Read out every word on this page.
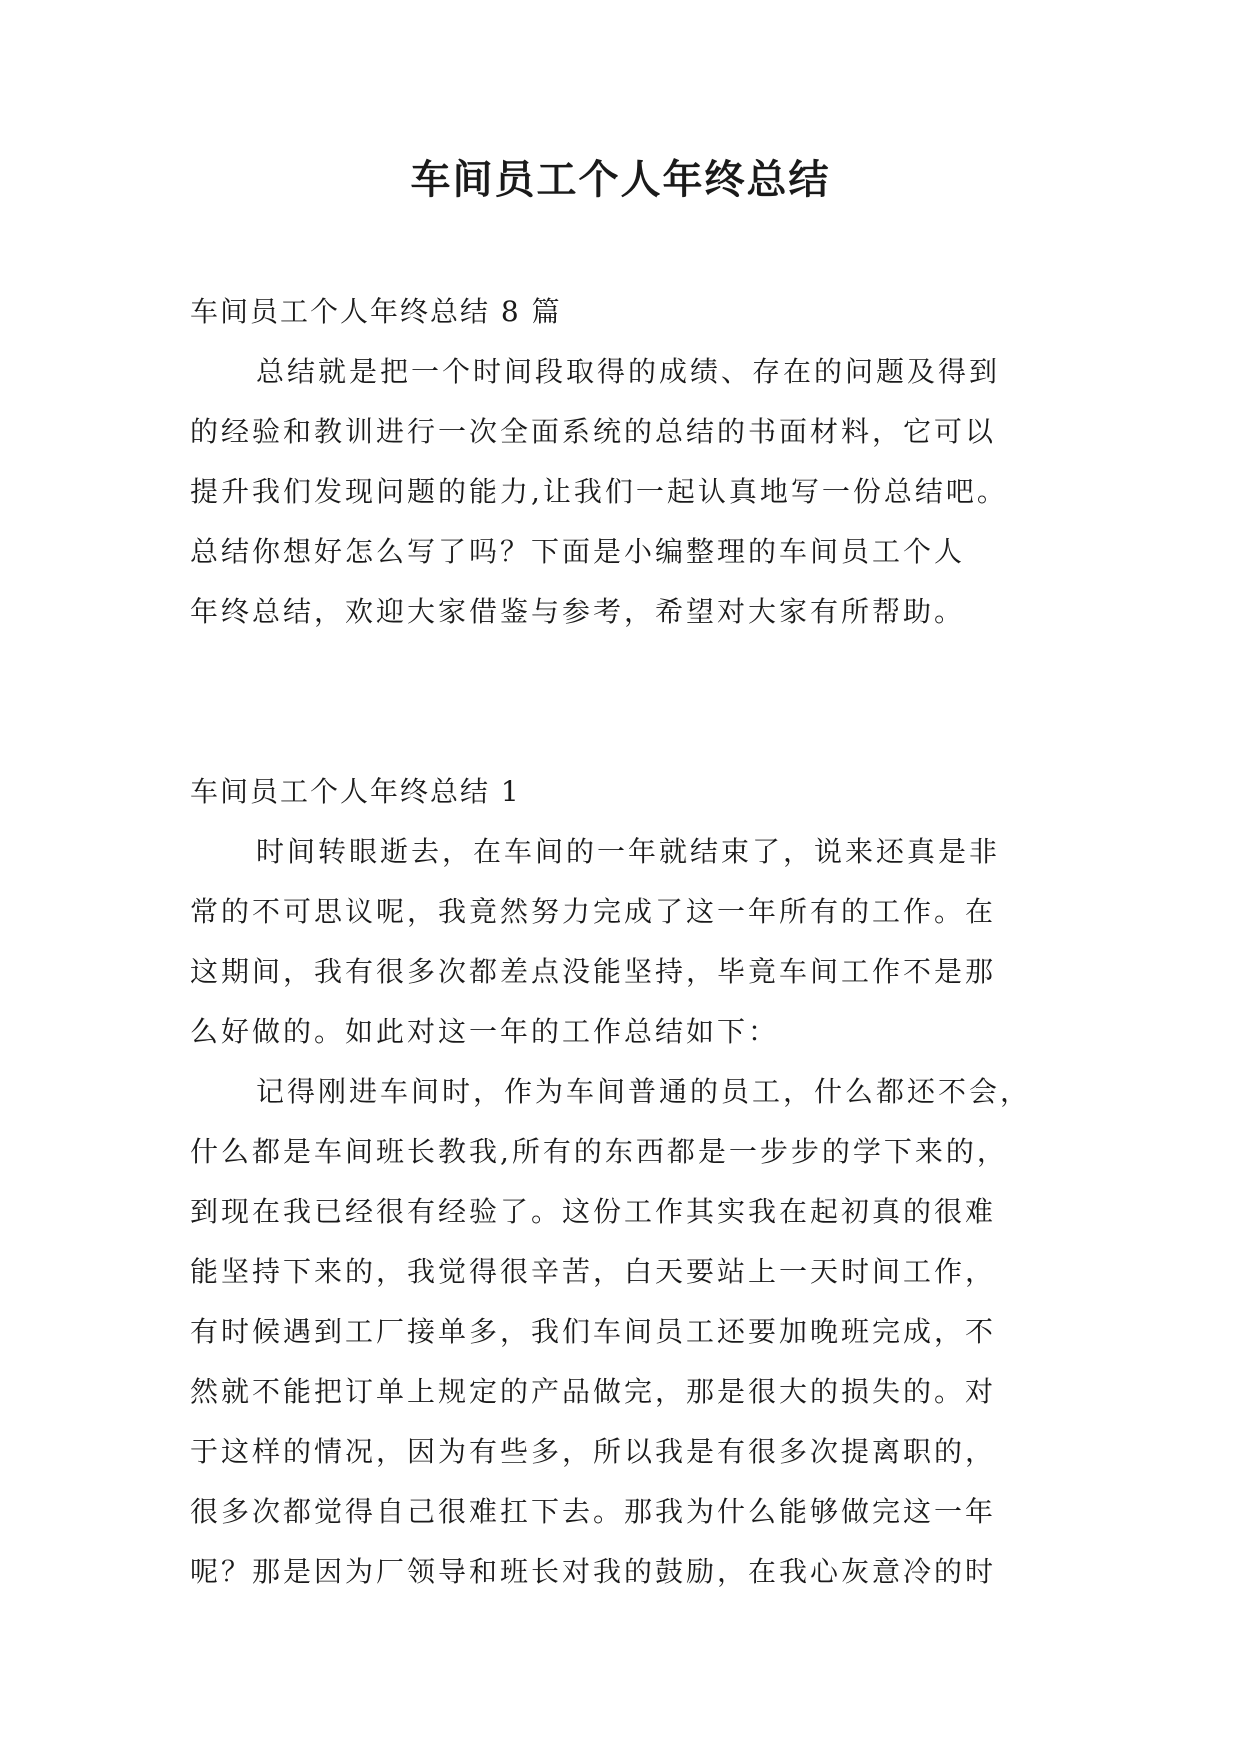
车间员工个人年终总结

车间员工个人年终总结 8 篇

总结就是把一个时间段取得的成绩、存在的问题及得到
的经验和教训进行一次全面系统的总结的书面材料，它可以
提升我们发现问题的能力,让我们一起认真地写一份总结吧。
总结你想好怎么写了吗？下面是小编整理的车间员工个人
年终总结，欢迎大家借鉴与参考，希望对大家有所帮助。

车间员工个人年终总结 1

时间转眼逝去，在车间的一年就结束了，说来还真是非
常的不可思议呢，我竟然努力完成了这一年所有的工作。在
这期间，我有很多次都差点没能坚持，毕竟车间工作不是那
么好做的。如此对这一年的工作总结如下：

记得刚进车间时，作为车间普通的员工，什么都还不会，
什么都是车间班长教我,所有的东西都是一步步的学下来的，
到现在我已经很有经验了。这份工作其实我在起初真的很难
能坚持下来的，我觉得很辛苦，白天要站上一天时间工作，
有时候遇到工厂接单多，我们车间员工还要加晚班完成，不
然就不能把订单上规定的产品做完，那是很大的损失的。对
于这样的情况，因为有些多，所以我是有很多次提离职的，
很多次都觉得自己很难扛下去。那我为什么能够做完这一年
呢？那是因为厂领导和班长对我的鼓励，在我心灰意冷的时
